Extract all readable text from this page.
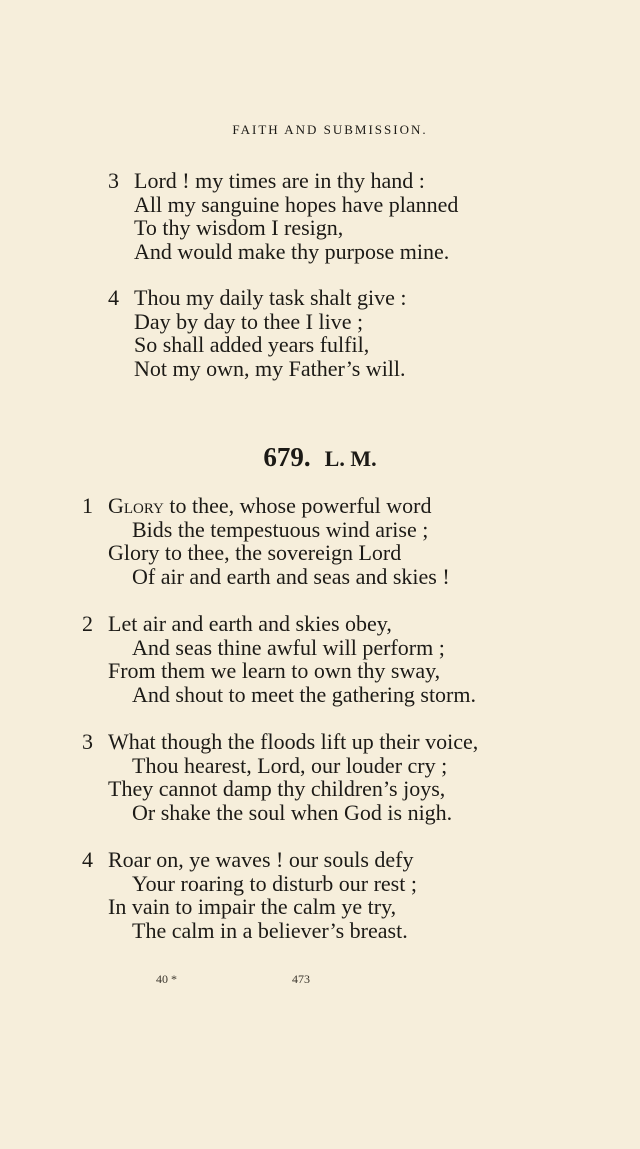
FAITH AND SUBMISSION.
3 Lord ! my times are in thy hand :
All my sanguine hopes have planned
To thy wisdom I resign,
And would make thy purpose mine.
4 Thou my daily task shalt give :
Day by day to thee I live ;
So shall added years fulfil,
Not my own, my Father’s will.
679. L. M.
1 Glory to thee, whose powerful word
Bids the tempestuous wind arise ;
Glory to thee, the sovereign Lord
Of air and earth and seas and skies !
2 Let air and earth and skies obey,
And seas thine awful will perform ;
From them we learn to own thy sway,
And shout to meet the gathering storm.
3 What though the floods lift up their voice,
Thou hearest, Lord, our louder cry ;
They cannot damp thy children’s joys,
Or shake the soul when God is nigh.
4 Roar on, ye waves ! our souls defy
Your roaring to disturb our rest ;
In vain to impair the calm ye try,
The calm in a believer’s breast.
40 *	473
